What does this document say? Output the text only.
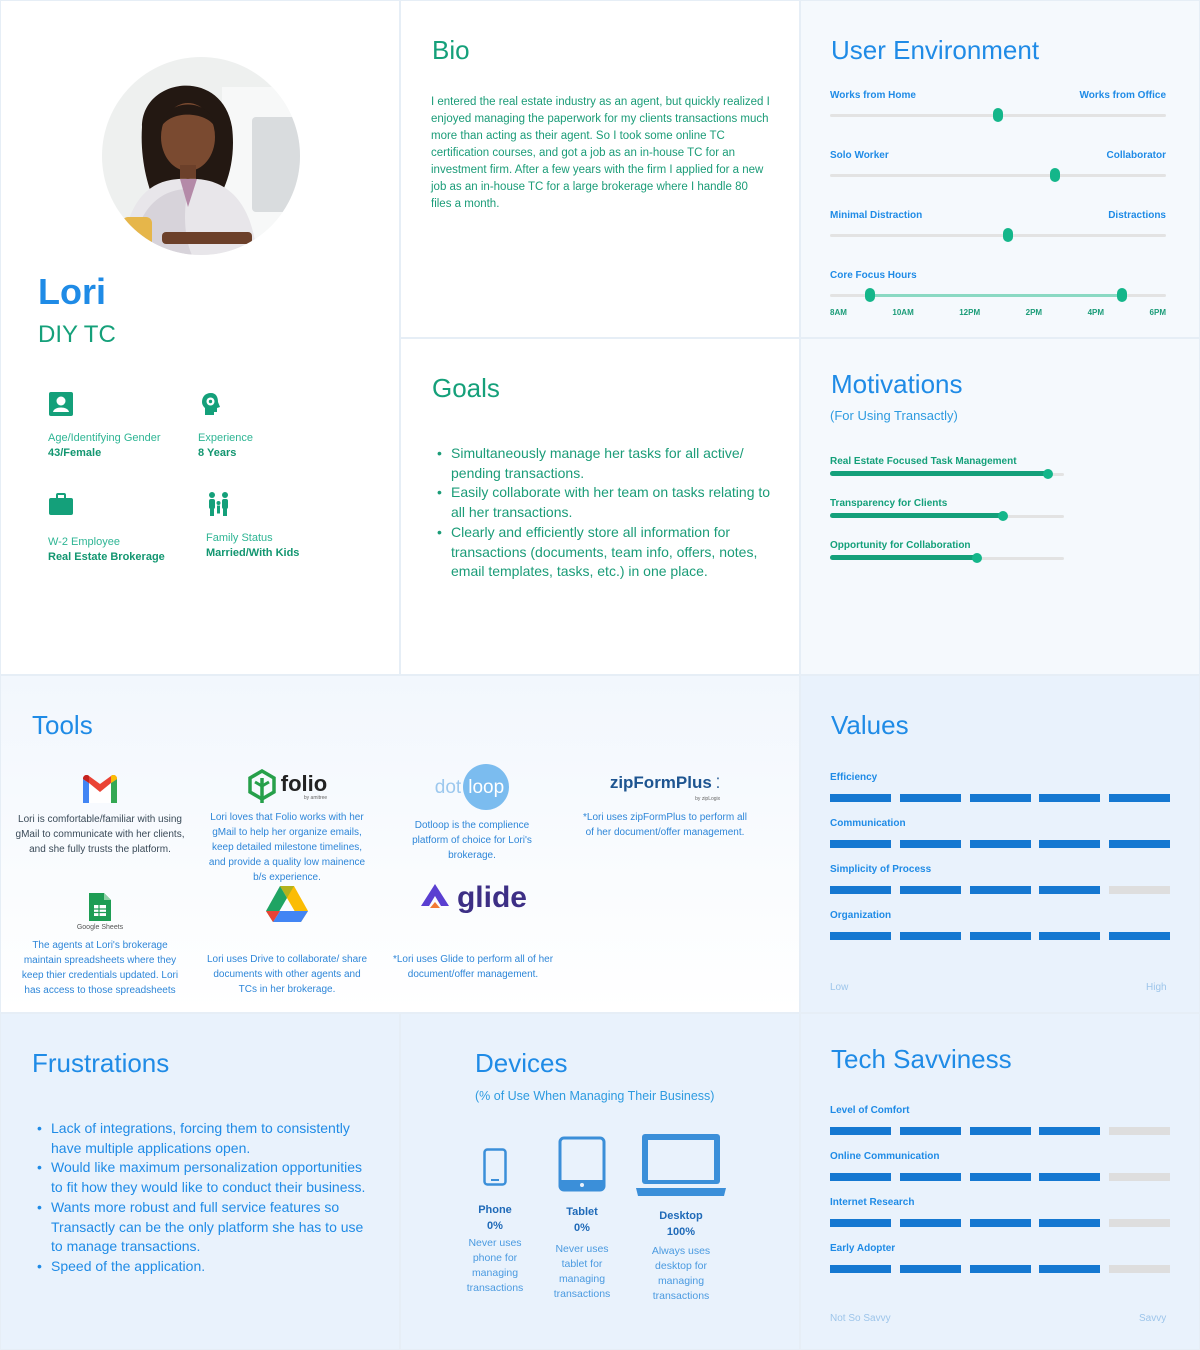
Lori
DIY TC
Age/Identifying Gender
43/Female
Experience
8 Years
W-2 Employee
Real Estate Brokerage
Family Status
Married/With Kids
Bio
I entered the real estate industry as an agent, but quickly realized I enjoyed managing the paperwork for my clients transactions much more than acting as their agent. So I took some online TC certification courses, and got a job as an in-house TC for an investment firm. After a few years with the firm I applied for a new job as an in-house TC for a large brokerage where I handle 80 files a month.
User Environment
Works from Home	Works from Office
Solo Worker	Collaborator
Minimal Distraction	Distractions
Core Focus Hours
8AM	10AM	12PM	2PM	4PM	6PM
Goals
• Simultaneously manage her tasks for all active/ pending transactions.
• Easily collaborate with her team on tasks relating to all her transactions.
• Clearly and efficiently store all information for transactions (documents, team info, offers, notes, email templates, tasks, etc.) in one place.
Motivations
(For Using Transactly)
Real Estate Focused Task Management
Transparency for Clients
Opportunity for Collaboration
Tools
Lori is comfortable/familiar with using gMail to communicate with her clients, and she fully trusts the platform.
folio
by amitree
Lori loves that Folio works with her gMail to help her organize emails, keep detailed milestone timelines, and provide a quality low mainence b/s experience.
dot loop
Dotloop is the complience platform of choice for Lori's brokerage.
zipFormPlus ⁚
by zipLogix
*Lori uses zipFormPlus to perform all of her document/offer management.
Google Sheets
The agents at Lori's brokerage maintain spreadsheets where they keep thier credentials updated. Lori has access to those spreadsheets
Lori uses Drive to collaborate/ share documents with other agents and TCs in her brokerage.
glide
*Lori uses Glide to perform all of her document/offer management.
Values
Efficiency
Communication
Simplicity of Process
Organization
Low	High
Frustrations
• Lack of integrations, forcing them to consistently have multiple applications open.
• Would like maximum personalization opportunities to fit how they would like to conduct their business.
• Wants more robust and full service features so Transactly can be the only platform she has to use to manage transactions.
• Speed of the application.
Devices
(% of Use When Managing Their Business)
Phone
0%
Never uses phone for managing transactions
Tablet
0%
Never uses tablet for managing transactions
Desktop
100%
Always uses desktop for managing transactions
Tech Savviness
Level of Comfort
Online Communication
Internet Research
Early Adopter
Not So Savvy	Savvy
